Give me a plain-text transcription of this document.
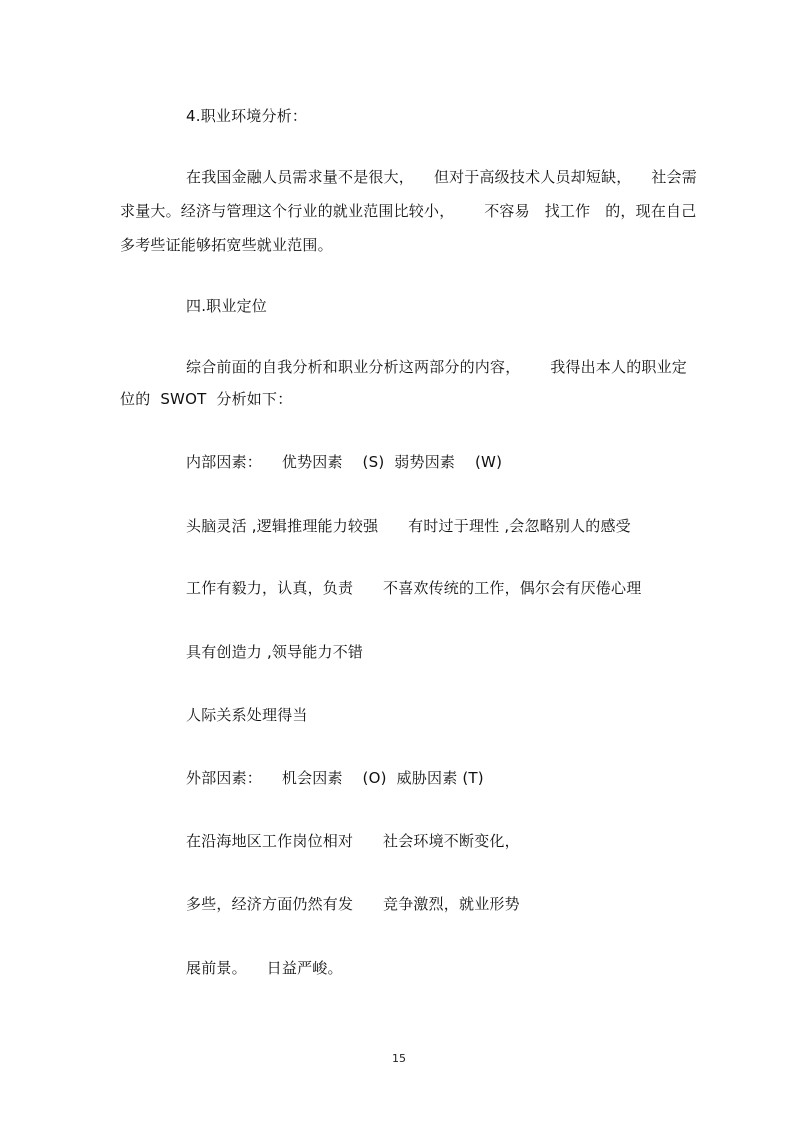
4.职业环境分析：
在我国金融人员需求量不是很大，    但对于高级技术人员却短缺，    社会需
求量大。经济与管理这个行业的就业范围比较小，      不容易   找工作   的，现在自己
多考些证能够拓宽些就业范围。
四.职业定位
综合前面的自我分析和职业分析这两部分的内容，      我得出本人的职业定
位的  SWOT  分析如下：
内部因素：    优势因素    (S)  弱势因素    (W)
头脑灵活 ,逻辑推理能力较强      有时过于理性 ,会忽略别人的感受
工作有毅力，认真，负责      不喜欢传统的工作，偶尔会有厌倦心理
具有创造力 ,领导能力不错
人际关系处理得当
外部因素：    机会因素    (O)  威胁因素 (T)
在沿海地区工作岗位相对      社会环境不断变化，
多些，经济方面仍然有发      竞争激烈，就业形势
展前景。    日益严峻。
15
